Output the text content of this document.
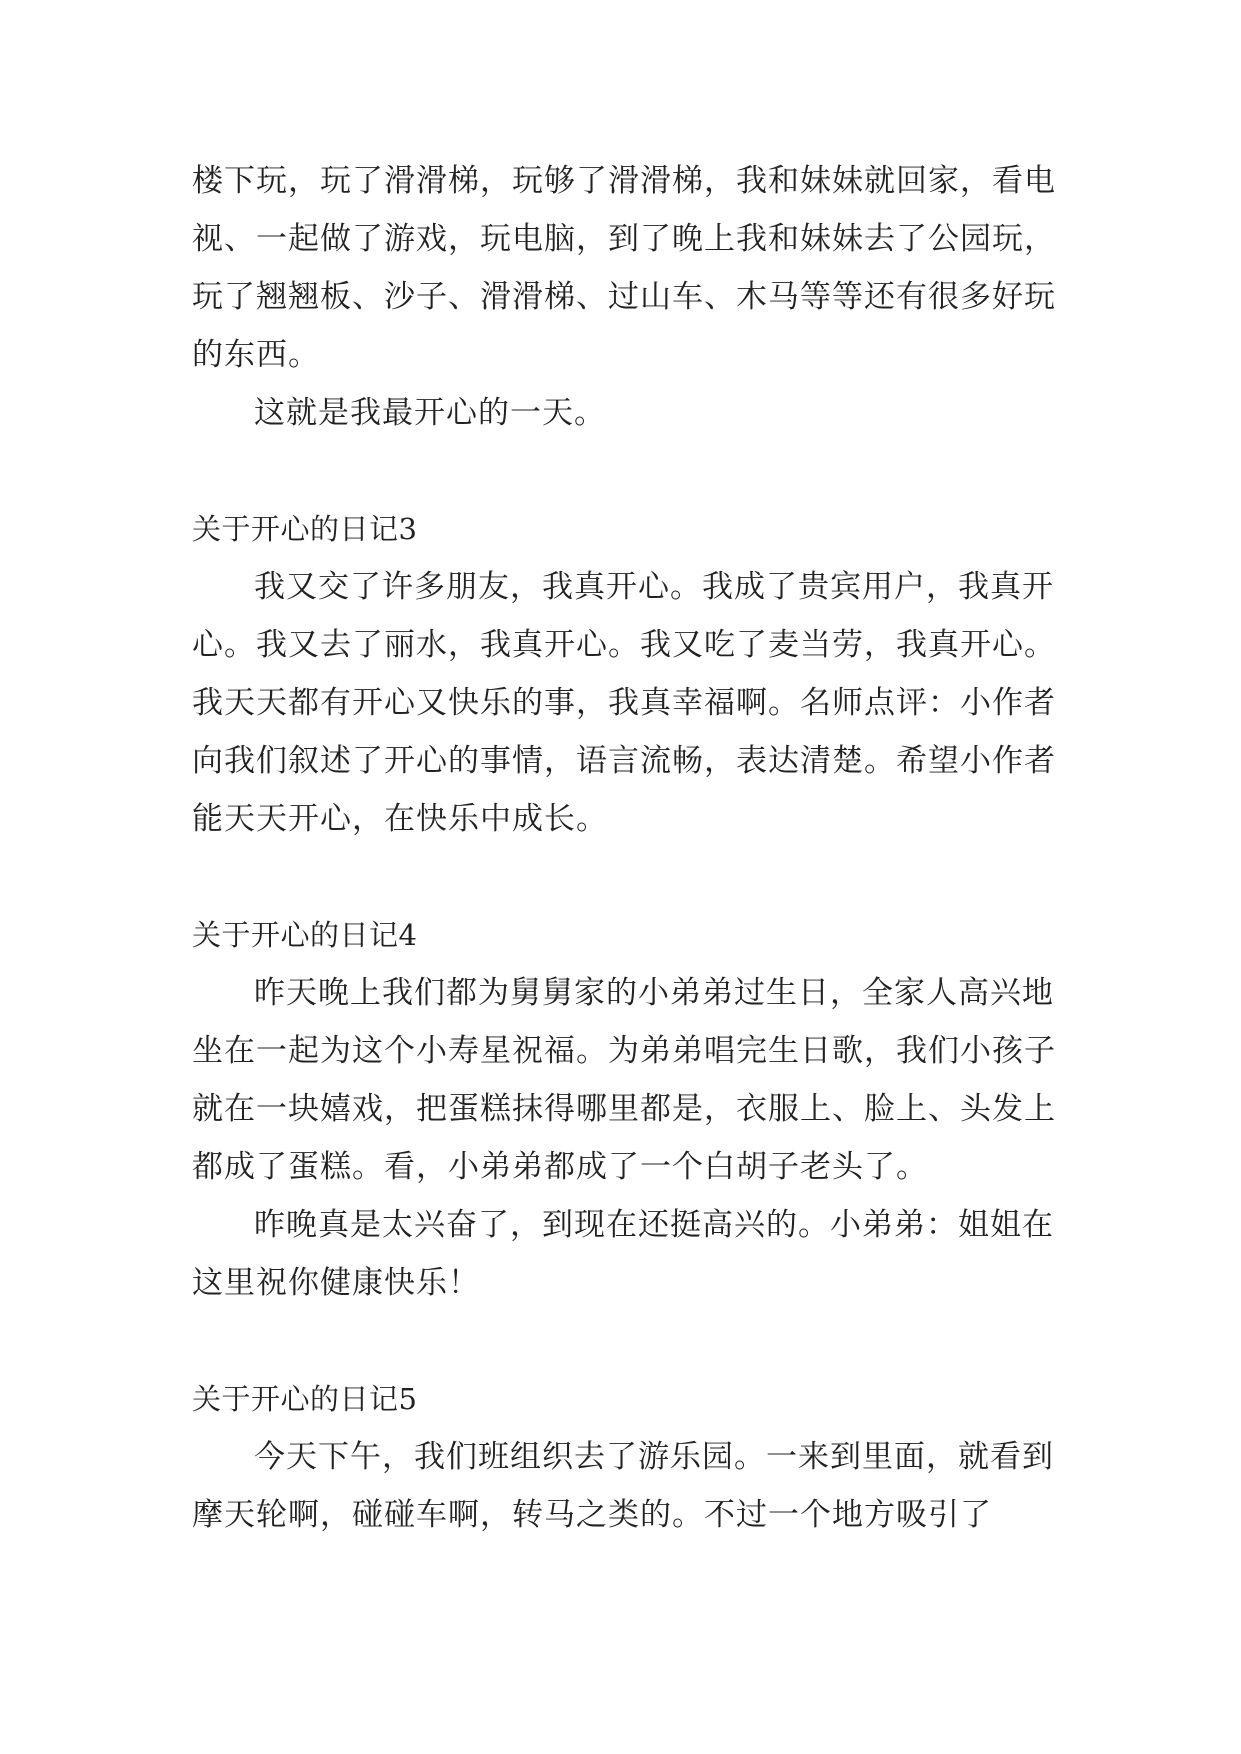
楼下玩，玩了滑滑梯，玩够了滑滑梯，我和妹妹就回家，看电视、一起做了游戏，玩电脑，到了晚上我和妹妹去了公园玩，玩了翘翘板、沙子、滑滑梯、过山车、木马等等还有很多好玩的东西。

这就是我最开心的一天。

关于开心的日记3

我又交了许多朋友，我真开心。我成了贵宾用户，我真开心。我又去了丽水，我真开心。我又吃了麦当劳，我真开心。我天天都有开心又快乐的事，我真幸福啊。名师点评：小作者向我们叙述了开心的事情，语言流畅，表达清楚。希望小作者能天天开心，在快乐中成长。

关于开心的日记4

昨天晚上我们都为舅舅家的小弟弟过生日，全家人高兴地坐在一起为这个小寿星祝福。为弟弟唱完生日歌，我们小孩子就在一块嬉戏，把蛋糕抹得哪里都是，衣服上、脸上、头发上都成了蛋糕。看，小弟弟都成了一个白胡子老头了。

昨晚真是太兴奋了，到现在还挺高兴的。小弟弟：姐姐在这里祝你健康快乐！

关于开心的日记5

今天下午，我们班组织去了游乐园。一来到里面，就看到摩天轮啊，碰碰车啊，转马之类的。不过一个地方吸引了
